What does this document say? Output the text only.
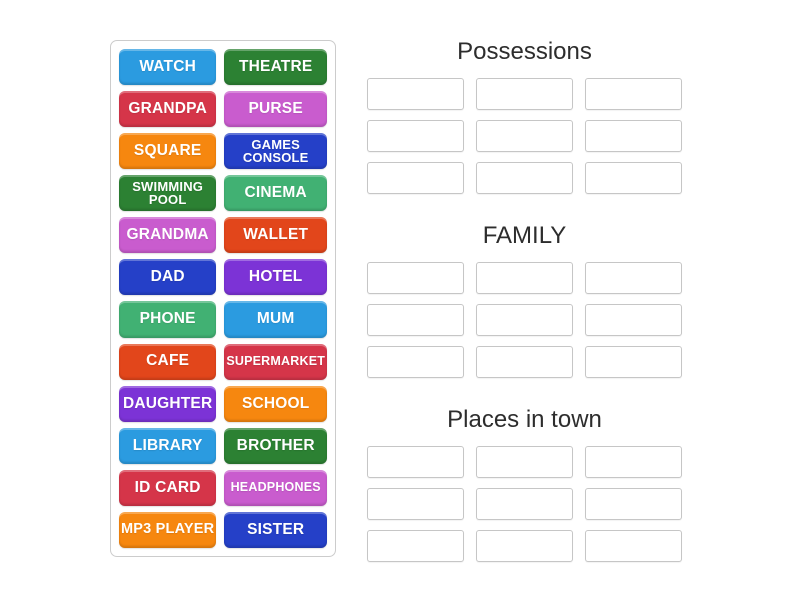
WATCH	THEATRE
GRANDPA	PURSE
SQUARE	GAMES CONSOLE
SWIMMING POOL	CINEMA
GRANDMA	WALLET
DAD	HOTEL
PHONE	MUM
CAFE	SUPERMARKET
DAUGHTER	SCHOOL
LIBRARY	BROTHER
ID CARD	HEADPHONES
MP3 PLAYER	SISTER
Possessions
FAMILY
Places in town
